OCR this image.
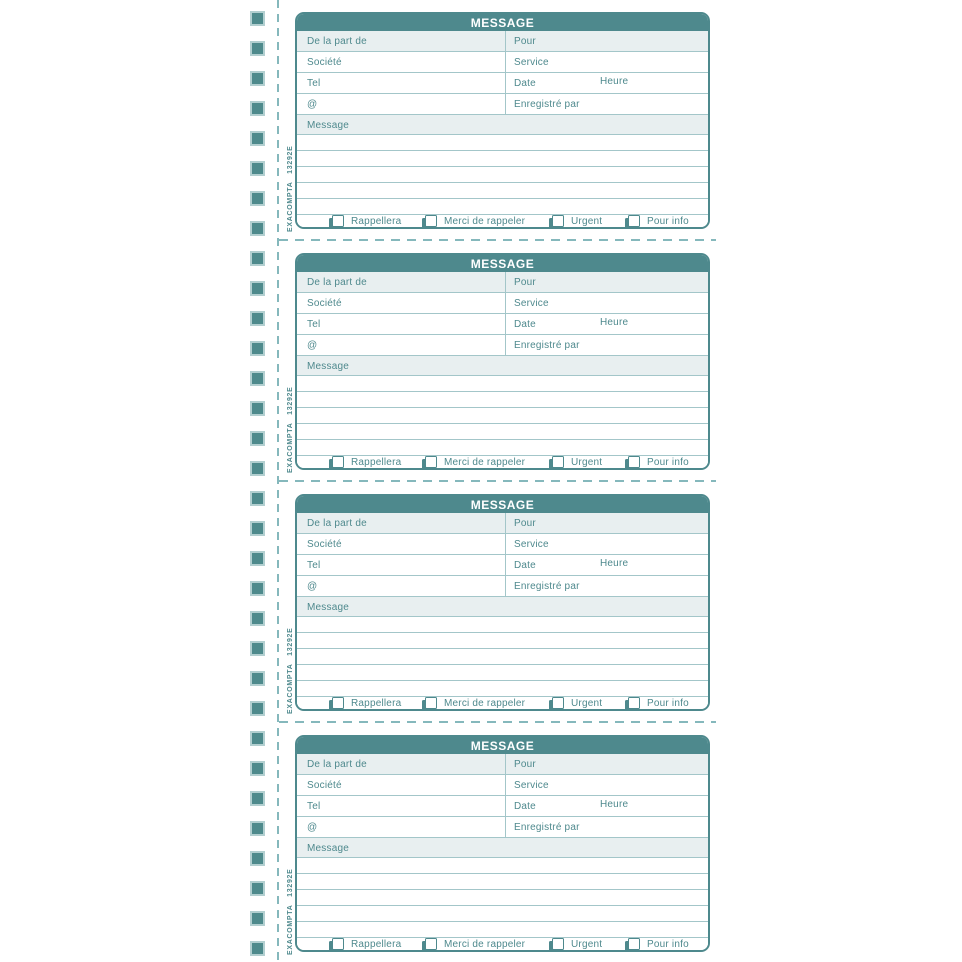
EXACOMPTA   13292E
MESSAGE
De la part de	Pour
Société	Service
Tel	Date	Heure
@	Enregistré par
Message
Rappellera	Merci de rappeler	Urgent	Pour info
EXACOMPTA   13292E
MESSAGE
De la part de	Pour
Société	Service
Tel	Date	Heure
@	Enregistré par
Message
Rappellera	Merci de rappeler	Urgent	Pour info
EXACOMPTA   13292E
MESSAGE
De la part de	Pour
Société	Service
Tel	Date	Heure
@	Enregistré par
Message
Rappellera	Merci de rappeler	Urgent	Pour info
EXACOMPTA   13292E
MESSAGE
De la part de	Pour
Société	Service
Tel	Date	Heure
@	Enregistré par
Message
Rappellera	Merci de rappeler	Urgent	Pour info
